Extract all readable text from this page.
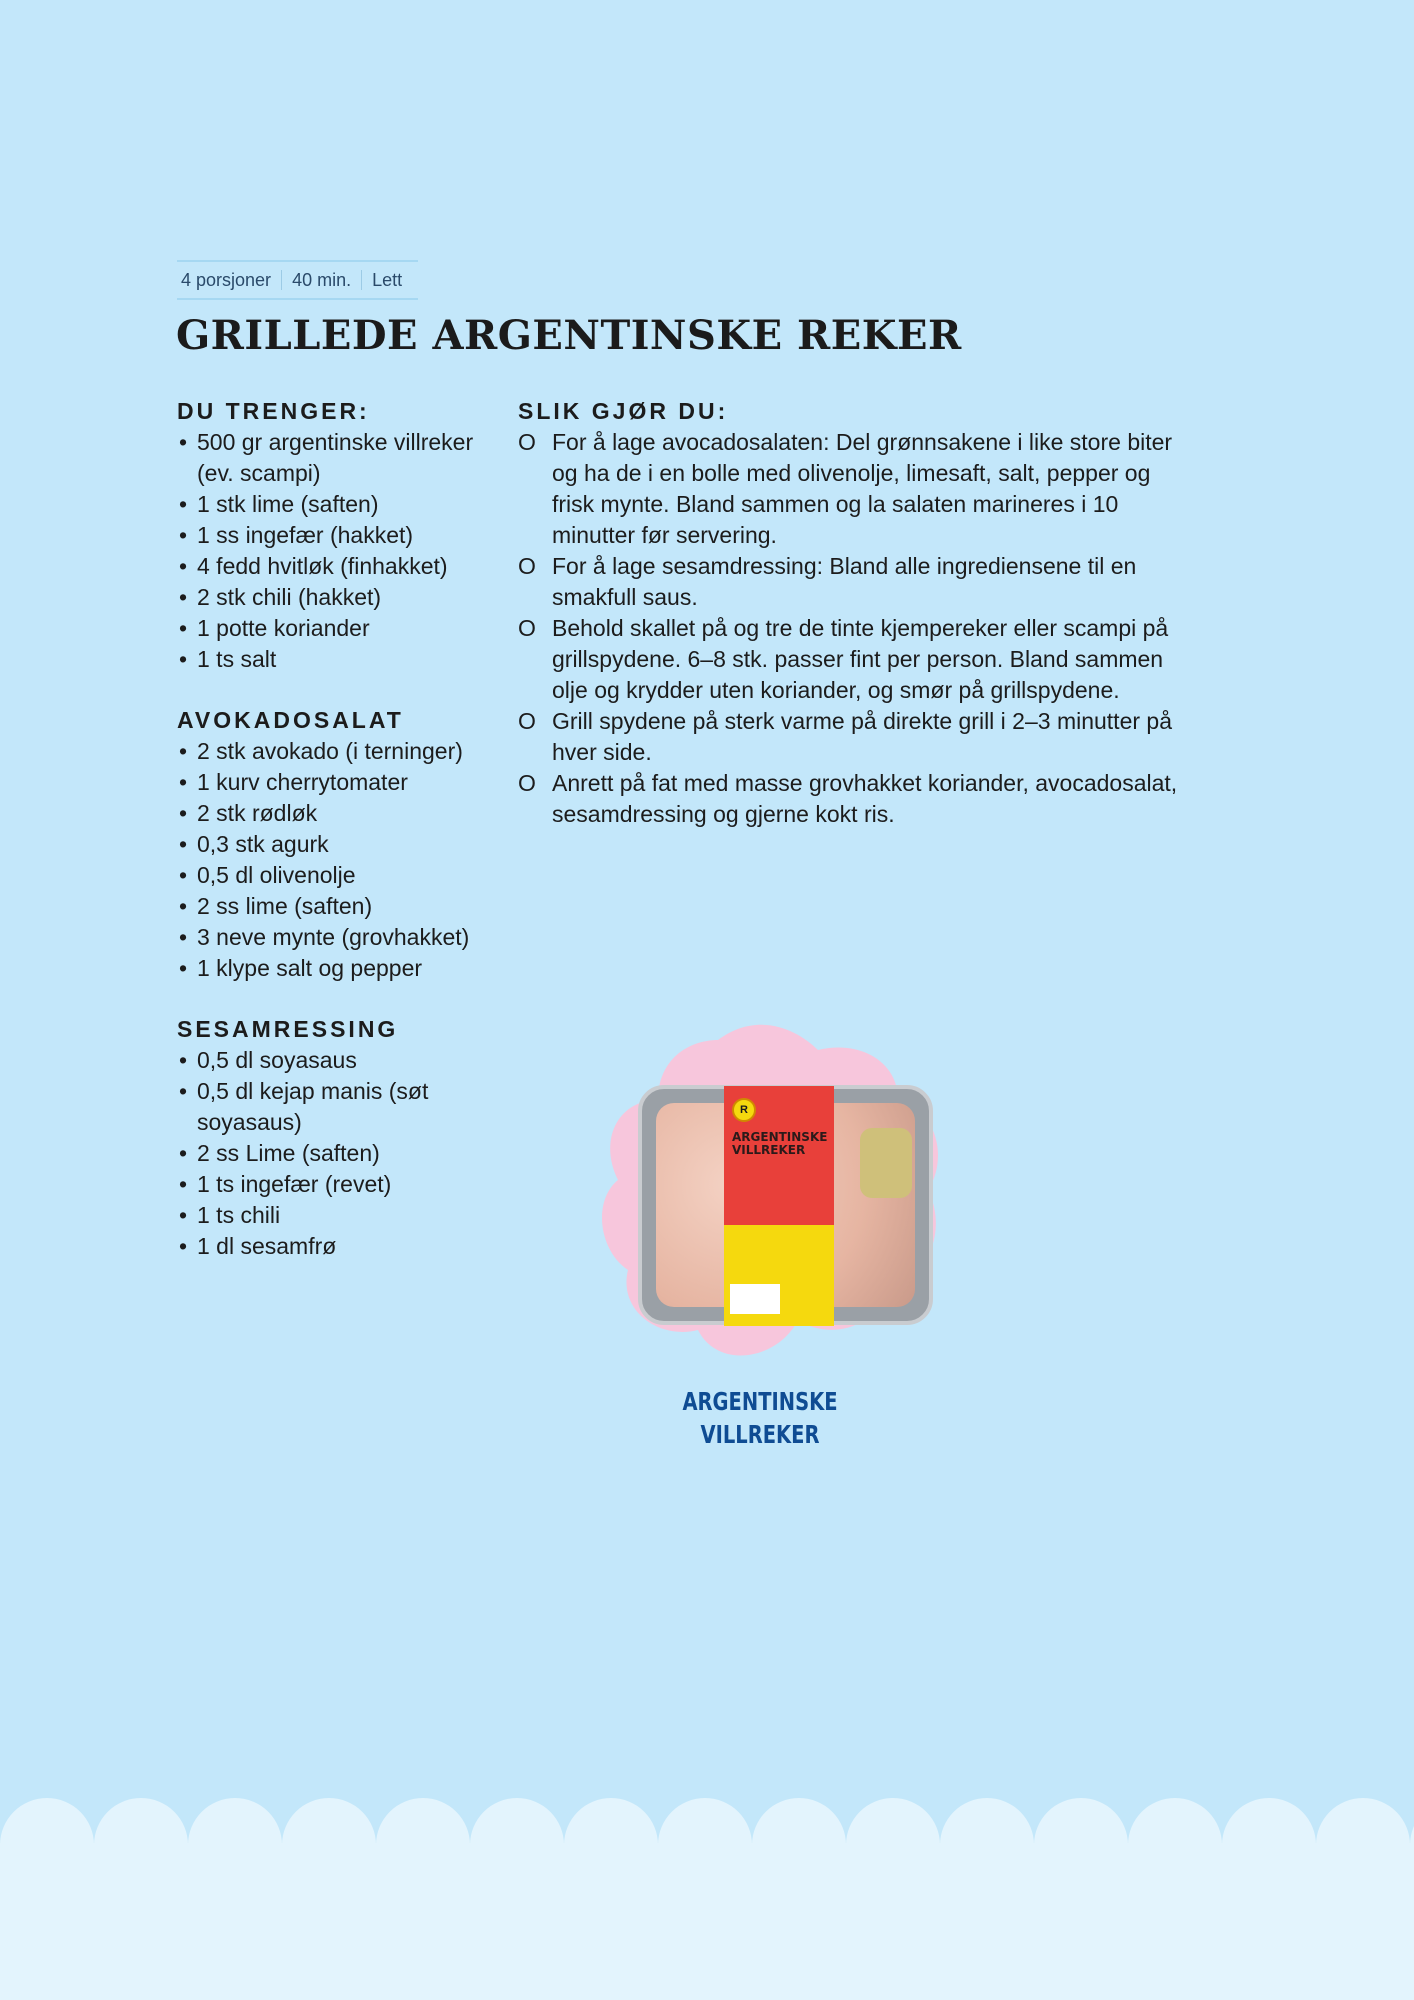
4 porsjoner	40 min.	Lett
GRILLEDE ARGENTINSKE REKER
DU TRENGER:
• 500 gr argentinske villreker (ev. scampi)
• 1 stk lime (saften)
• 1 ss ingefær (hakket)
• 4 fedd hvitløk (finhakket)
• 2 stk chili (hakket)
• 1 potte koriander
• 1 ts salt
AVOKADOSALAT
• 2 stk avokado (i terninger)
• 1 kurv cherrytomater
• 2 stk rødløk
• 0,3 stk agurk
• 0,5 dl olivenolje
• 2 ss lime (saften)
• 3 neve mynte (grovhakket)
• 1 klype salt og pepper
SESAMRESSING
• 0,5 dl soyasaus
• 0,5 dl kejap manis (søt soyasaus)
• 2 ss Lime (saften)
• 1 ts ingefær (revet)
• 1 ts chili
• 1 dl sesamfrø
SLIK GJØR DU:
O For å lage avocadosalaten: Del grønnsakene i like store biter og ha de i en bolle med olivenolje, limesaft, salt, pepper og frisk mynte. Bland sammen og la salaten marineres i 10 minutter før servering.
O For å lage sesamdressing: Bland alle ingrediensene til en smakfull saus.
O Behold skallet på og tre de tinte kjempereker eller scampi på grillspydene. 6–8 stk. passer fint per person. Bland sammen olje og krydder uten koriander, og smør på grillspydene.
O Grill spydene på sterk varme på direkte grill i 2–3 minutter på hver side.
O Anrett på fat med masse grovhakket koriander, avocadosalat, sesamdressing og gjerne kokt ris.
R
ARGENTINSKE VILLREKER
ARGENTINSKE VILLREKER
